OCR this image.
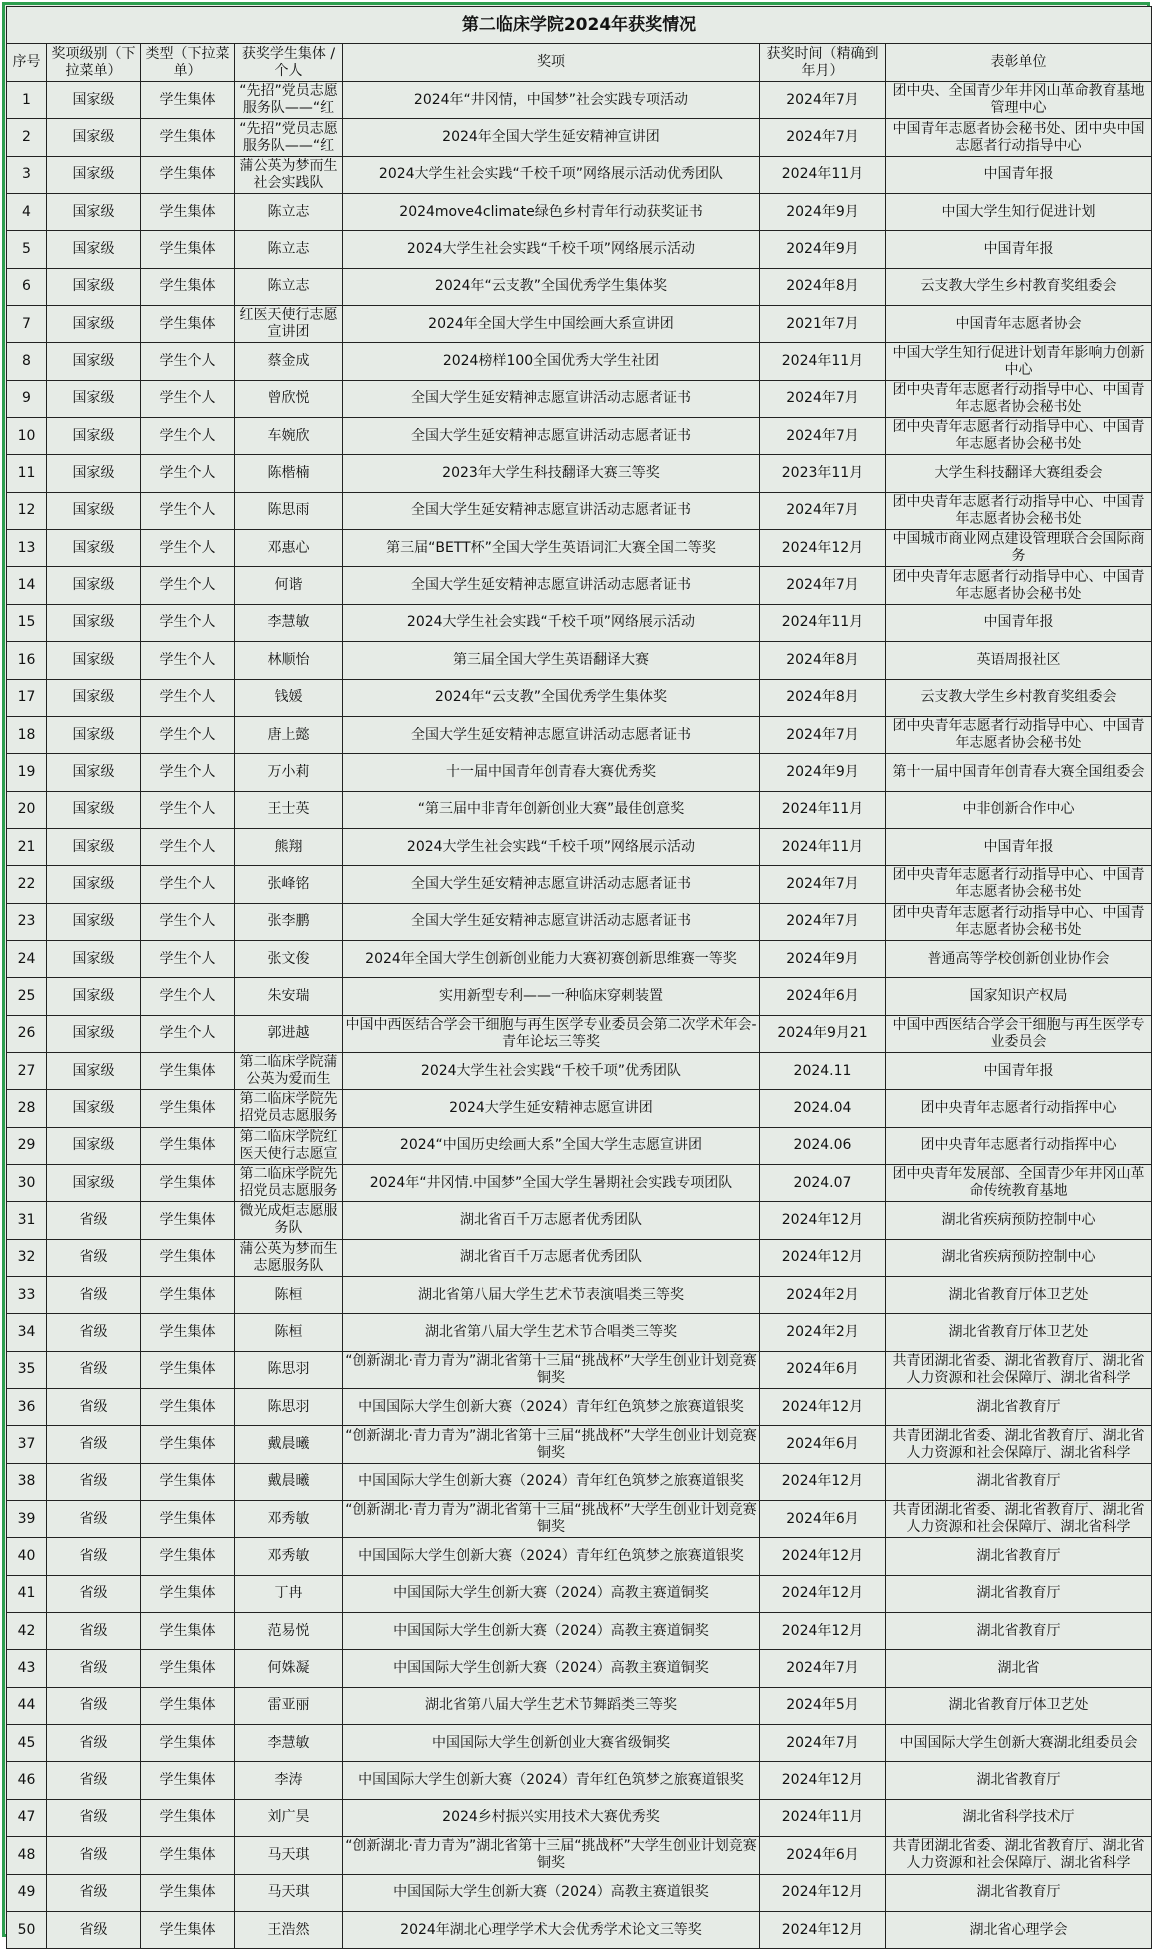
第二临床学院2024年获奖情况						
序号	奖项级别（下拉菜单）	类型（下拉菜单）	获奖学生集体 / 个人	奖项	获奖时间（精确到年月）	表彰单位

1	国家级	学生集体	“先招”党员志愿服务队——“红	2024年“井冈情，中国梦”社会实践专项活动	2024年7月	团中央、全国青少年井冈山革命教育基地管理中心

2	国家级	学生集体	“先招”党员志愿服务队——“红	2024年全国大学生延安精神宣讲团	2024年7月	中国青年志愿者协会秘书处、团中央中国志愿者行动指导中心

3	国家级	学生集体	蒲公英为梦而生社会实践队	2024大学生社会实践“千校千项”网络展示活动优秀团队	2024年11月	中国青年报

4	国家级	学生集体	陈立志	2024move4climate绿色乡村青年行动获奖证书	2024年9月	中国大学生知行促进计划

5	国家级	学生集体	陈立志	2024大学生社会实践“千校千项”网络展示活动	2024年9月	中国青年报

6	国家级	学生集体	陈立志	2024年“云支教”全国优秀学生集体奖	2024年8月	云支教大学生乡村教育奖组委会

7	国家级	学生集体	红医天使行志愿宣讲团	2024年全国大学生中国绘画大系宣讲团	2021年7月	中国青年志愿者协会

8	国家级	学生个人	蔡金成	2024榜样100全国优秀大学生社团	2024年11月	中国大学生知行促进计划青年影响力创新中心

9	国家级	学生个人	曾欣悦	全国大学生延安精神志愿宣讲活动志愿者证书	2024年7月	团中央青年志愿者行动指导中心、中国青年志愿者协会秘书处

10	国家级	学生个人	车婉欣	全国大学生延安精神志愿宣讲活动志愿者证书	2024年7月	团中央青年志愿者行动指导中心、中国青年志愿者协会秘书处

11	国家级	学生个人	陈楷楠	2023年大学生科技翻译大赛三等奖	2023年11月	大学生科技翻译大赛组委会

12	国家级	学生个人	陈思雨	全国大学生延安精神志愿宣讲活动志愿者证书	2024年7月	团中央青年志愿者行动指导中心、中国青年志愿者协会秘书处

13	国家级	学生个人	邓惠心	第三届“BETT杯”全国大学生英语词汇大赛全国二等奖	2024年12月	中国城市商业网点建设管理联合会国际商务

14	国家级	学生个人	何谐	全国大学生延安精神志愿宣讲活动志愿者证书	2024年7月	团中央青年志愿者行动指导中心、中国青年志愿者协会秘书处

15	国家级	学生个人	李慧敏	2024大学生社会实践“千校千项”网络展示活动	2024年11月	中国青年报

16	国家级	学生个人	林顺怡	第三届全国大学生英语翻译大赛	2024年8月	英语周报社区

17	国家级	学生个人	钱媛	2024年“云支教”全国优秀学生集体奖	2024年8月	云支教大学生乡村教育奖组委会

18	国家级	学生个人	唐上懿	全国大学生延安精神志愿宣讲活动志愿者证书	2024年7月	团中央青年志愿者行动指导中心、中国青年志愿者协会秘书处

19	国家级	学生个人	万小莉	十一届中国青年创青春大赛优秀奖	2024年9月	第十一届中国青年创青春大赛全国组委会

20	国家级	学生个人	王士英	“第三届中非青年创新创业大赛”最佳创意奖	2024年11月	中非创新合作中心

21	国家级	学生个人	熊翔	2024大学生社会实践“千校千项”网络展示活动	2024年11月	中国青年报

22	国家级	学生个人	张峰铭	全国大学生延安精神志愿宣讲活动志愿者证书	2024年7月	团中央青年志愿者行动指导中心、中国青年志愿者协会秘书处

23	国家级	学生个人	张李鹏	全国大学生延安精神志愿宣讲活动志愿者证书	2024年7月	团中央青年志愿者行动指导中心、中国青年志愿者协会秘书处

24	国家级	学生个人	张文俊	2024年全国大学生创新创业能力大赛初赛创新思维赛一等奖	2024年9月	普通高等学校创新创业协作会

25	国家级	学生个人	朱安瑞	实用新型专利——一种临床穿刺装置	2024年6月	国家知识产权局

26	国家级	学生个人	郭进越	中国中西医结合学会干细胞与再生医学专业委员会第二次学术年会-青年论坛三等奖	2024年9月21	中国中西医结合学会干细胞与再生医学专业委员会

27	国家级	学生集体	第二临床学院蒲公英为爱而生	2024大学生社会实践“千校千项”优秀团队	2024.11	中国青年报

28	国家级	学生集体	第二临床学院先招党员志愿服务	2024大学生延安精神志愿宣讲团	2024.04	团中央青年志愿者行动指挥中心

29	国家级	学生集体	第二临床学院红医天使行志愿宣	2024“中国历史绘画大系”全国大学生志愿宣讲团	2024.06	团中央青年志愿者行动指挥中心

30	国家级	学生集体	第二临床学院先招党员志愿服务	2024年“井冈情.中国梦”全国大学生暑期社会实践专项团队	2024.07	团中央青年发展部、全国青少年井冈山革命传统教育基地

31	省级	学生集体	微光成炬志愿服务队	湖北省百千万志愿者优秀团队	2024年12月	湖北省疾病预防控制中心

32	省级	学生集体	蒲公英为梦而生志愿服务队	湖北省百千万志愿者优秀团队	2024年12月	湖北省疾病预防控制中心

33	省级	学生集体	陈桓	湖北省第八届大学生艺术节表演唱类三等奖	2024年2月	湖北省教育厅体卫艺处

34	省级	学生集体	陈桓	湖北省第八届大学生艺术节合唱类三等奖	2024年2月	湖北省教育厅体卫艺处

35	省级	学生集体	陈思羽	“创新湖北·青力青为”湖北省第十三届“挑战杯”大学生创业计划竞赛铜奖	2024年6月	共青团湖北省委、湖北省教育厅、湖北省人力资源和社会保障厅、湖北省科学

36	省级	学生集体	陈思羽	中国国际大学生创新大赛（2024）青年红色筑梦之旅赛道银奖	2024年12月	湖北省教育厅

37	省级	学生集体	戴晨曦	“创新湖北·青力青为”湖北省第十三届“挑战杯”大学生创业计划竞赛铜奖	2024年6月	共青团湖北省委、湖北省教育厅、湖北省人力资源和社会保障厅、湖北省科学

38	省级	学生集体	戴晨曦	中国国际大学生创新大赛（2024）青年红色筑梦之旅赛道银奖	2024年12月	湖北省教育厅

39	省级	学生集体	邓秀敏	“创新湖北·青力青为”湖北省第十三届“挑战杯”大学生创业计划竞赛铜奖	2024年6月	共青团湖北省委、湖北省教育厅、湖北省人力资源和社会保障厅、湖北省科学

40	省级	学生集体	邓秀敏	中国国际大学生创新大赛（2024）青年红色筑梦之旅赛道银奖	2024年12月	湖北省教育厅

41	省级	学生集体	丁冉	中国国际大学生创新大赛（2024）高教主赛道铜奖	2024年12月	湖北省教育厅

42	省级	学生集体	范易悦	中国国际大学生创新大赛（2024）高教主赛道铜奖	2024年12月	湖北省教育厅

43	省级	学生集体	何姝凝	中国国际大学生创新大赛（2024）高教主赛道铜奖	2024年7月	湖北省

44	省级	学生集体	雷亚丽	湖北省第八届大学生艺术节舞蹈类三等奖	2024年5月	湖北省教育厅体卫艺处

45	省级	学生集体	李慧敏	中国国际大学生创新创业大赛省级铜奖	2024年7月	中国国际大学生创新大赛湖北组委员会

46	省级	学生集体	李涛	中国国际大学生创新大赛（2024）青年红色筑梦之旅赛道银奖	2024年12月	湖北省教育厅

47	省级	学生集体	刘广昊	2024乡村振兴实用技术大赛优秀奖	2024年11月	湖北省科学技术厅

48	省级	学生集体	马天琪	“创新湖北·青力青为”湖北省第十三届“挑战杯”大学生创业计划竞赛铜奖	2024年6月	共青团湖北省委、湖北省教育厅、湖北省人力资源和社会保障厅、湖北省科学

49	省级	学生集体	马天琪	中国国际大学生创新大赛（2024）高教主赛道银奖	2024年12月	湖北省教育厅

50	省级	学生集体	王浩然	2024年湖北心理学学术大会优秀学术论文三等奖	2024年12月	湖北省心理学会
